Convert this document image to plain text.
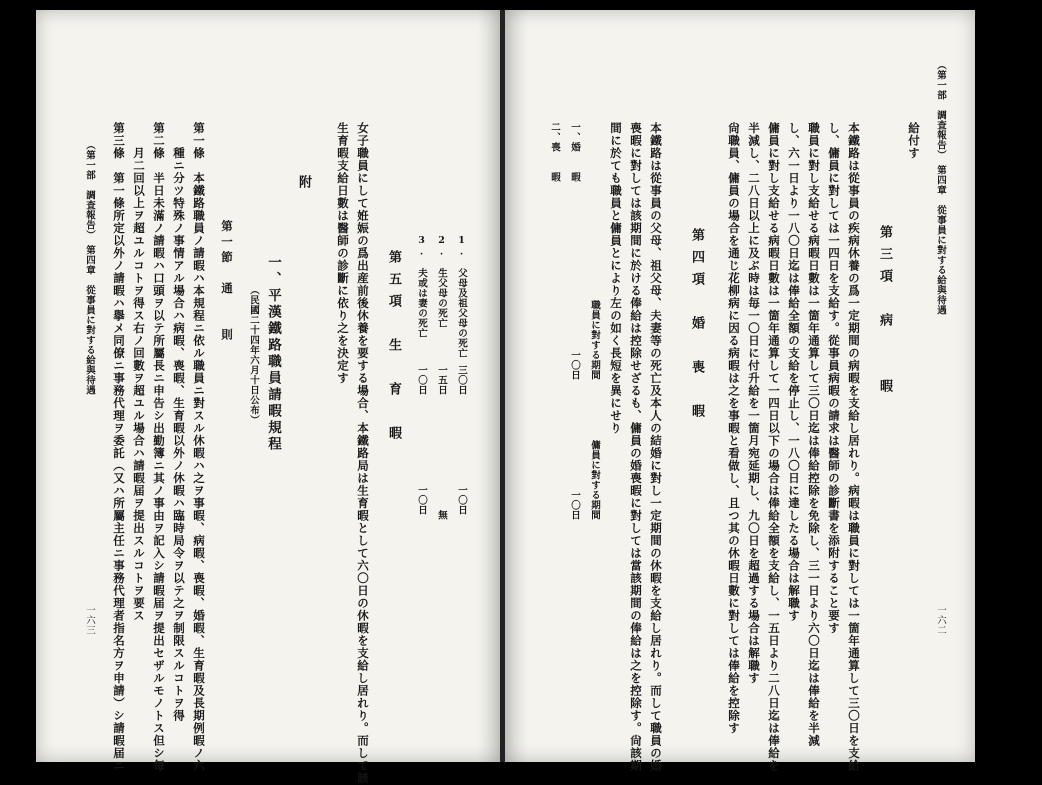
（第一部　調査報告）　第四章　從事員に對する給與待遇
一六二
給付す
第三項　病　　暇
本鐵路は從事員の疾病休養の爲一定期間の病暇を支給し居れり。病暇は職員に對しては一箇年通算して三〇日を支給
し、傭員に對しては一四日を支給す。從事員病暇の請求は醫師の診斷書を添附すること要す
職員に對し支給せる病暇日數は一箇年通算して三〇日迄は俸給控除を免除し、三一日より六〇日迄は俸給を半減
し、六一日より一八〇日迄は俸給全額の支給を停止し、一八〇日に達したる場合は解職す
傭員に對し支給せる病暇日數は一箇年通算して一四日以下の場合は俸給全額を支給し、一五日より二八日迄は俸給を
半減し、二八日以上に及ぶ時は毎一〇日に付升給を一箇月宛延期し、九〇日を超過する場合は解職す
尙職員、傭員の場合を通じ花柳病に因る病暇は之を事暇と看做し、且つ其の休暇日數に對しては俸給を控除す
第四項　婚　喪　暇
本鐵路は從事員の父母、祖父母、夫妻等の死亡及本人の結婚に對し一定期間の休暇を支給し居れり。而して職員の婚
喪暇に對しては該期間に於ける俸給は控除せざるも、傭員の婚喪暇に對しては當該期間の俸給は之を控除す。尙該期
間に於ても職員と傭員とにより左の如く長短を異にせり
職員に對する期間
傭員に對する期間
一、婚　　暇
一〇日
一〇日
二、喪　　暇
1.　父母及祖父母の死亡
三〇日
一〇日
2.　生父母の死亡
一五日
無
3.　夫或は妻の死亡
一〇日
一〇日
第五項　生　育　暇
女子職員にして姙娠の爲出産前後休養を要する場合、本鐵路局は生育暇として六〇日の休暇を支給し居れり。而して該
生育暇支給日數は醫師の診斷に依り之を決定す
附
一、平漢鐵路職員請暇規程
（民國二十四年六月十日公布）
第一節　通　　則
第一條　本鐵路職員ノ請暇ハ本規程ニ依ル職員ニ對スル休暇ハ之ヲ事暇、病暇、喪暇、婚暇、生育暇及長期例暇ノ六
　　種ニ分ツ特殊ノ事情アル場合ハ病暇、喪暇、生育暇以外ノ休暇ハ臨時局令ヲ以テ之ヲ制限スルコトヲ得
第二條　半日未滿ノ請暇ハ口頭ヲ以テ所屬長ニ申告シ出勤簿ニ其ノ事由ヲ記入シ請暇届ヲ提出セザルモノトス但シ每
　　月二回以上ヲ超ユルコトヲ得ス右ノ回數ヲ超ユル場合ハ請暇届ヲ提出スルコトヲ要ス
第三條　第一條所定以外ノ請暇ハ擧メ同僚ニ事務代理ヲ委託（又ハ所屬主任ニ事務代理者指名方ヲ申請）シ請暇届ニ
（第一部　調査報告）　第四章　從事員に對する給與待遇
一六三
